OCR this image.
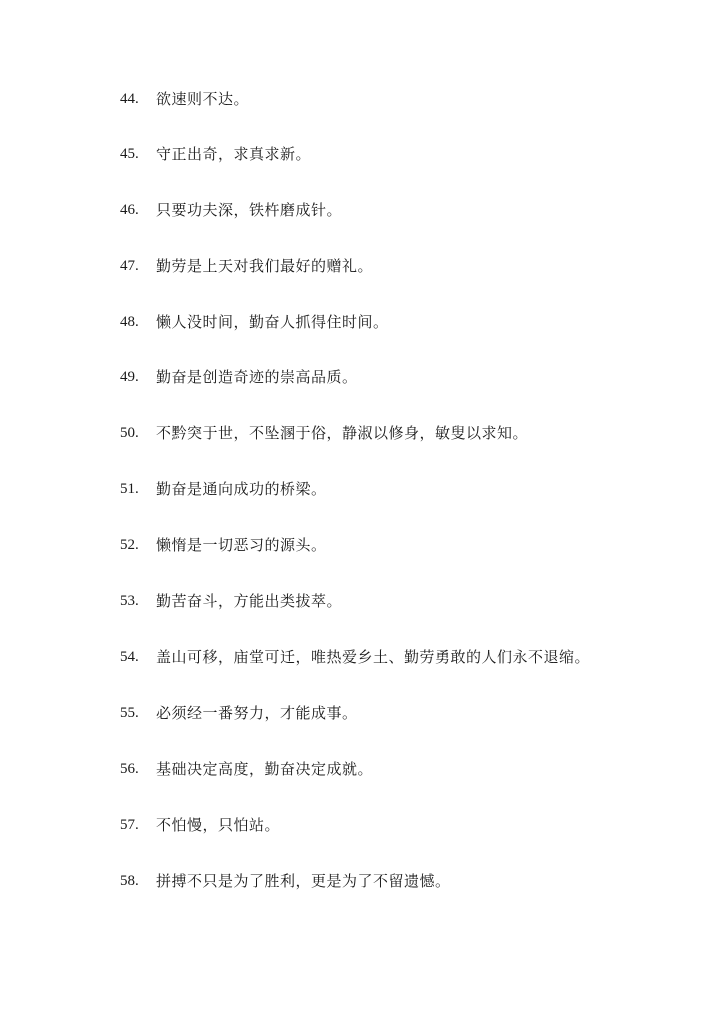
44.	欲速则不达。
45.	守正出奇，求真求新。
46.	只要功夫深，铁杵磨成针。
47.	勤劳是上天对我们最好的赠礼。
48.	懒人没时间，勤奋人抓得住时间。
49.	勤奋是创造奇迹的崇高品质。
50.	不黔突于世，不坠溷于俗，静淑以修身，敏叟以求知。
51.	勤奋是通向成功的桥梁。
52.	懒惰是一切恶习的源头。
53.	勤苦奋斗，方能出类拔萃。
54.	盖山可移，庙堂可迁，唯热爱乡土、勤劳勇敢的人们永不退缩。
55.	必须经一番努力，才能成事。
56.	基础决定高度，勤奋决定成就。
57.	不怕慢，只怕站。
58.	拼搏不只是为了胜利，更是为了不留遗憾。
